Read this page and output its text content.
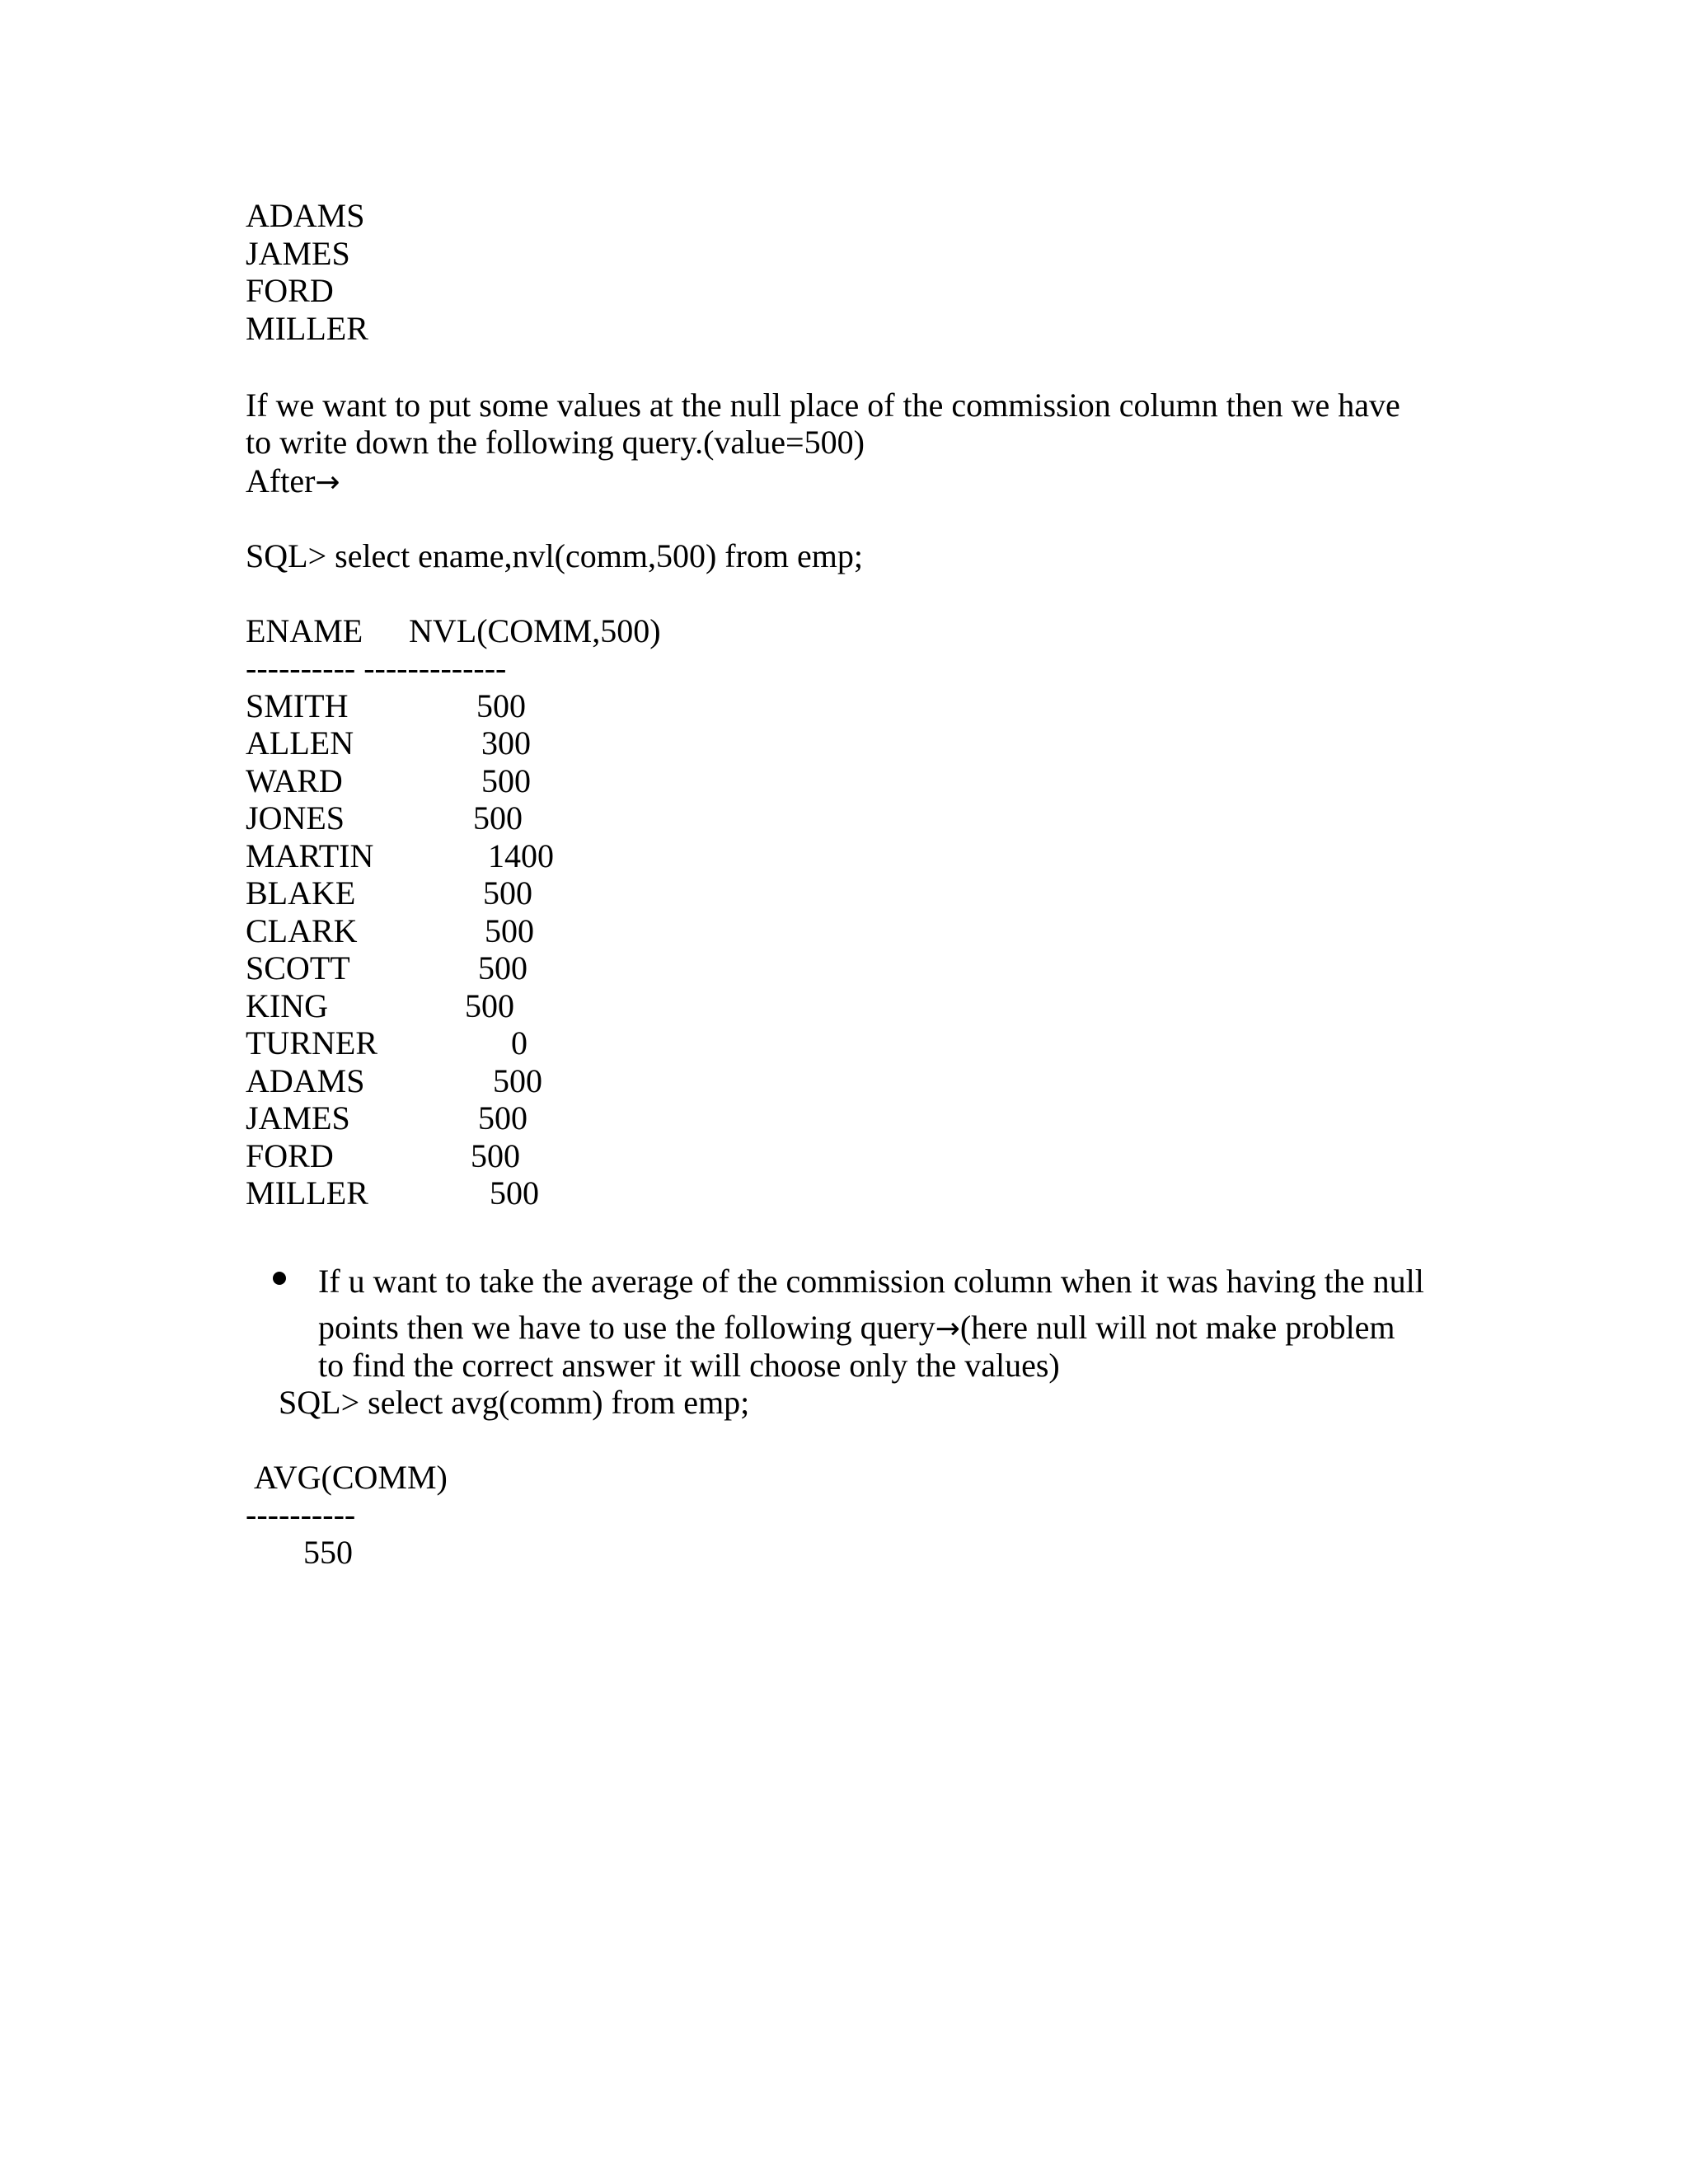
ADAMS
JAMES
FORD
MILLER
If we want to put some values at the null place of the commission column then we have
to write down the following query.(value=500)
After→
SQL> select ename,nvl(comm,500) from emp;
ENAME NVL(COMM,500)
---------- -------------
SMITH	500
ALLEN	300
WARD	500
JONES	500
MARTIN	1400
BLAKE	500
CLARK	500
SCOTT	500
KING	500
TURNER	0
ADAMS	500
JAMES	500
FORD	500
MILLER	500
If u want to take the average of the commission column when it was having the null
points then we have to use the following query→(here null will not make problem
to find the correct answer it will choose only the values)
SQL> select avg(comm) from emp;
AVG(COMM)
----------
550
